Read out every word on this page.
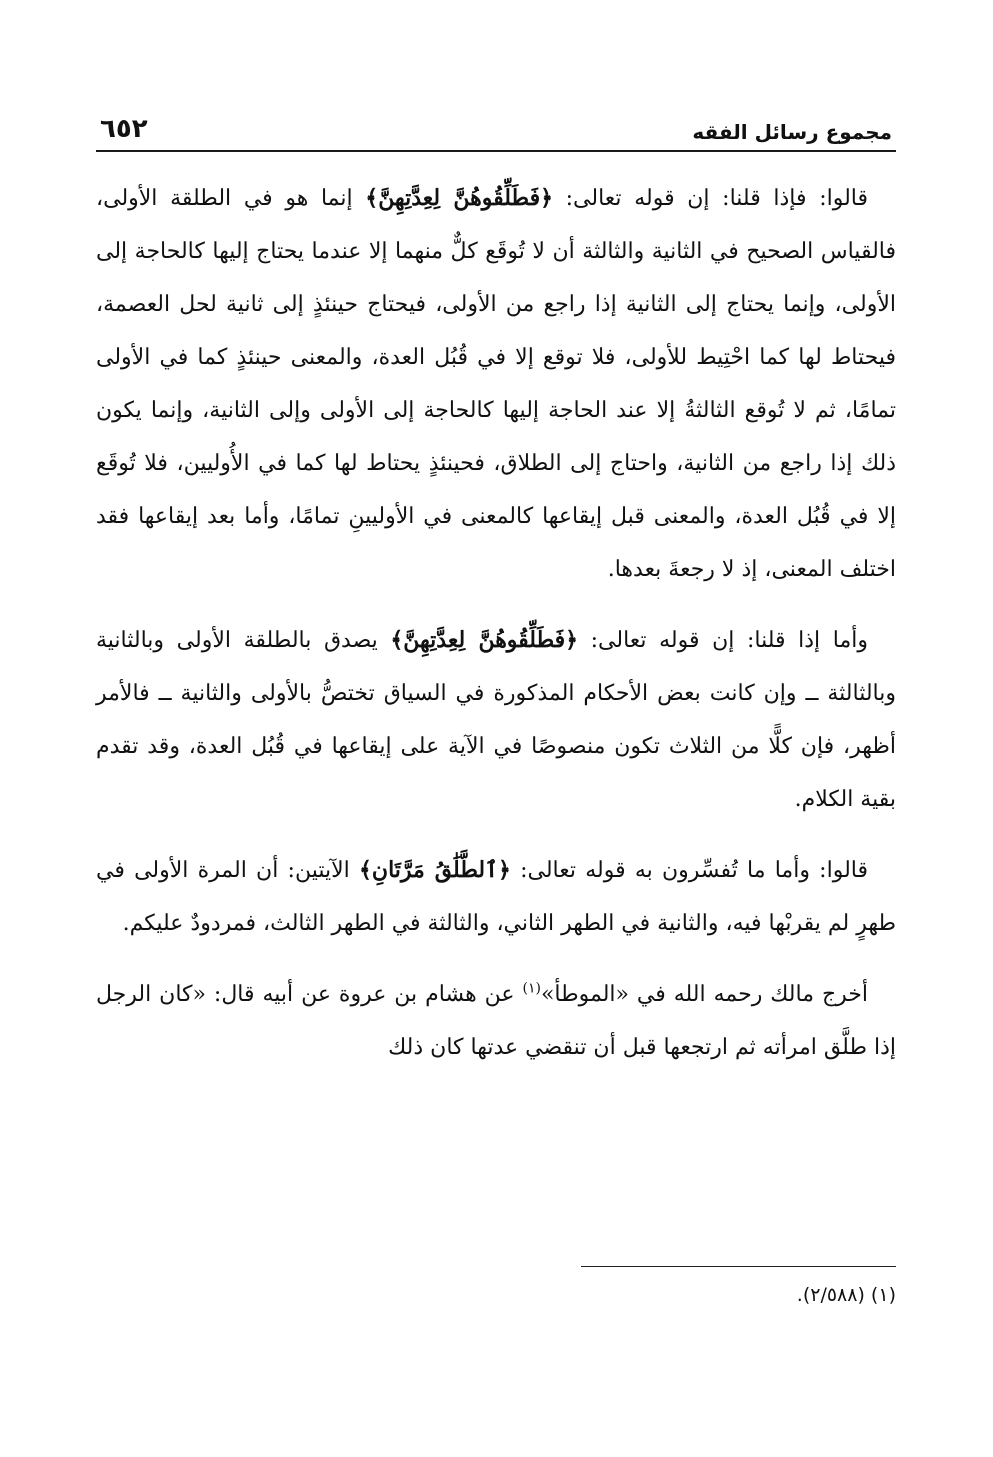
مجموع رسائل الفقه
٦٥٢

قالوا: فإذا قلنا: إن قوله تعالى: ﴿فَطَلِّقُوهُنَّ لِعِدَّتِهِنَّ﴾ إنما هو في الطلقة الأولى، فالقياس الصحيح في الثانية والثالثة أن لا تُوقَع كلٌّ منهما إلا عندما يحتاج إليها كالحاجة إلى الأولى، وإنما يحتاج إلى الثانية إذا راجع من الأولى، فيحتاج حينئذٍ إلى ثانية لحل العصمة، فيحتاط لها كما احْتِيط للأولى، فلا توقع إلا في قُبُل العدة، والمعنى حينئذٍ كما في الأولى تمامًا، ثم لا تُوقع الثالثةُ إلا عند الحاجة إليها كالحاجة إلى الأولى وإلى الثانية، وإنما يكون ذلك إذا راجع من الثانية، واحتاج إلى الطلاق، فحينئذٍ يحتاط لها كما في الأُوليين، فلا تُوقَع إلا في قُبُل العدة، والمعنى قبل إيقاعها كالمعنى في الأوليينِ تمامًا، وأما بعد إيقاعها فقد اختلف المعنى، إذ لا رجعةَ بعدها.

وأما إذا قلنا: إن قوله تعالى: ﴿فَطَلِّقُوهُنَّ لِعِدَّتِهِنَّ﴾ يصدق بالطلقة الأولى وبالثانية وبالثالثة ــ وإن كانت بعض الأحكام المذكورة في السياق تختصُّ بالأولى والثانية ــ فالأمر أظهر، فإن كلًّا من الثلاث تكون منصوصًا في الآية على إيقاعها في قُبُل العدة، وقد تقدم بقية الكلام.

قالوا: وأما ما تُفسِّرون به قوله تعالى: ﴿ٱلطَّلَٰقُ مَرَّتَانِ﴾ الآيتين: أن المرة الأولى في طهرٍ لم يقربْها فيه، والثانية في الطهر الثاني، والثالثة في الطهر الثالث، فمردودٌ عليكم.

أخرج مالك رحمه الله في «الموطأ»$^{(١)}$ عن هشام بن عروة عن أبيه قال: «كان الرجل إذا طلَّق امرأته ثم ارتجعها قبل أن تنقضي عدتها كان ذلك

(١) (٢/٥٨٨).
